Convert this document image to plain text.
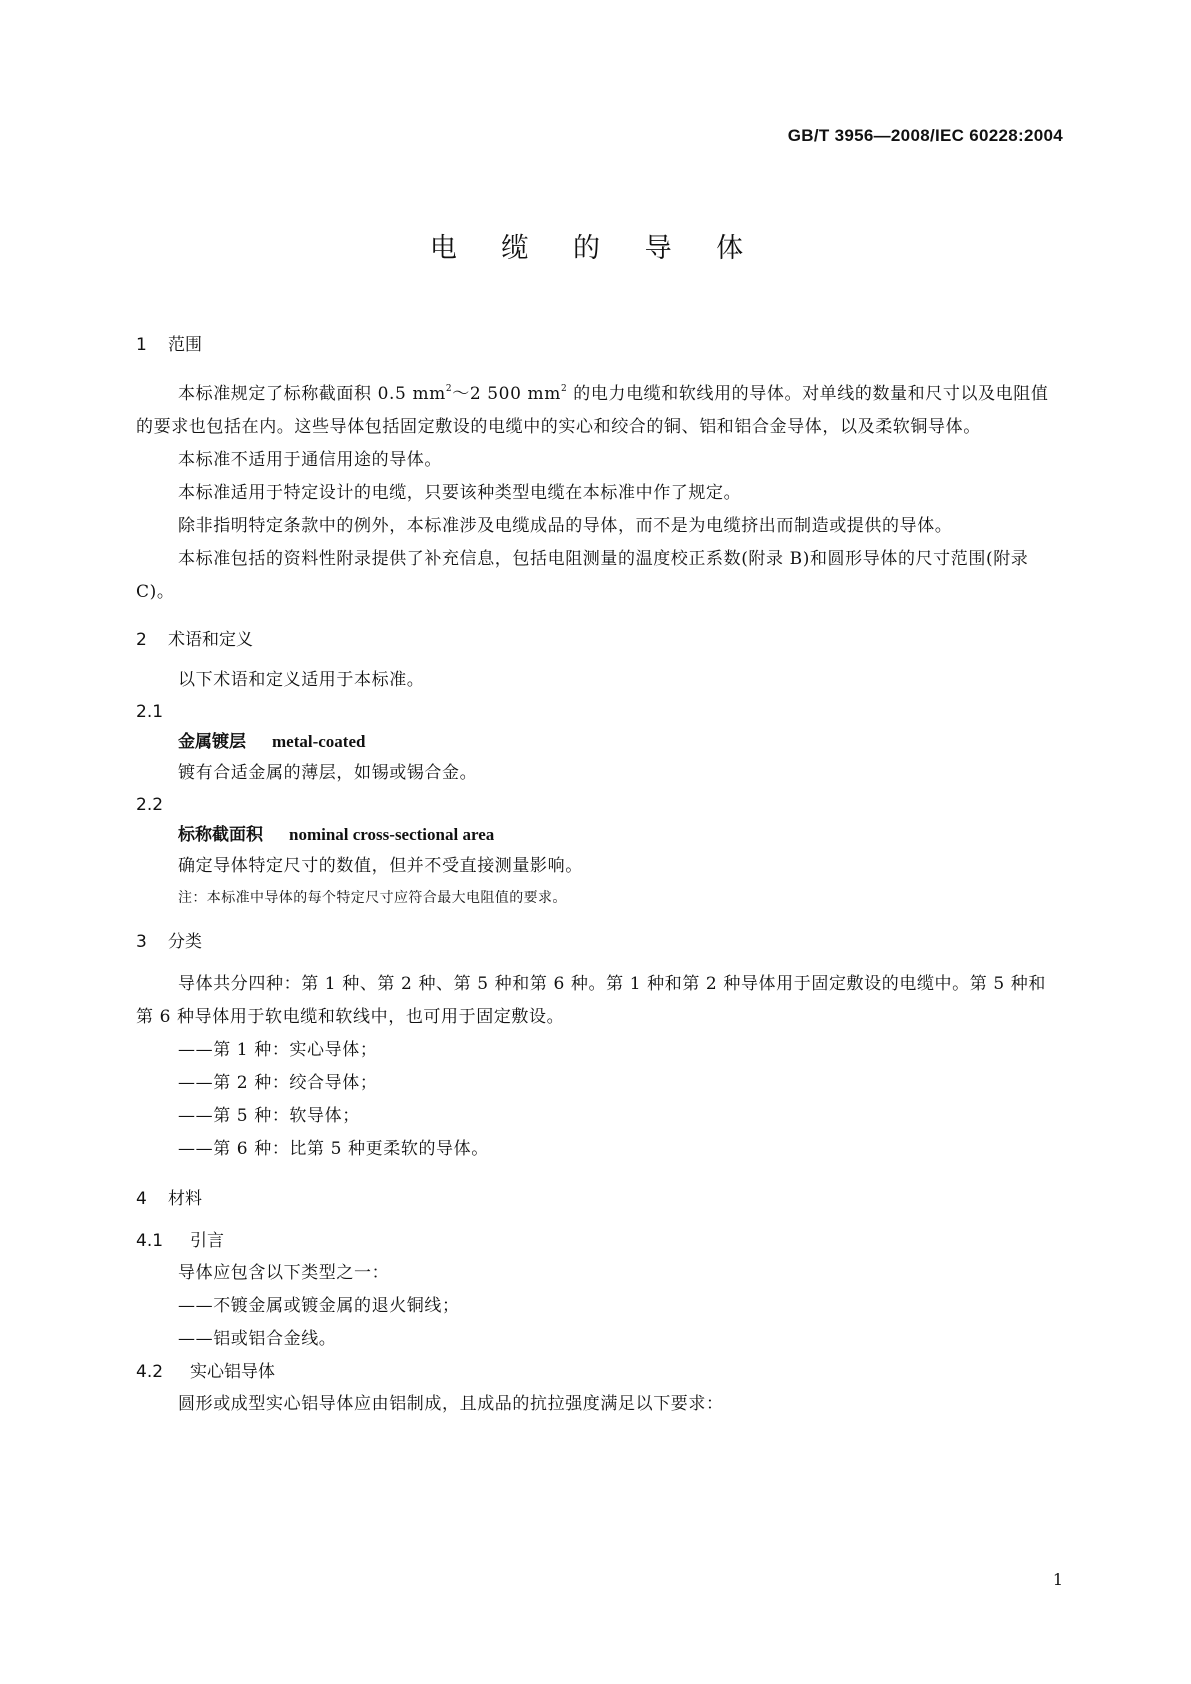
GB/T 3956—2008/IEC 60228:2004
电 缆 的 导 体
1 范围

本标准规定了标称截面积 0.5 $mm^2\sim 2$ 500 $mm^2$ 的电力电缆和软线用的导体。对单线的数量和尺寸以及电阻值的要求也包括在内。这些导体包括固定敷设的电缆中的实心和绞合的铜、铝和铝合金导体，以及柔软铜导体。

本标准不适用于通信用途的导体。

本标准适用于特定设计的电缆，只要该种类型电缆在本标准中作了规定。

除非指明特定条款中的例外，本标准涉及电缆成品的导体，而不是为电缆挤出而制造或提供的导体。

本标准包括的资料性附录提供了补充信息，包括电阻测量的温度校正系数(附录 B)和圆形导体的尺寸范围(附录 C)。

2 术语和定义

以下术语和定义适用于本标准。

2.1
金属镀层 metal-coated

镀有合适金属的薄层，如锡或锡合金。

2.2
标称截面积 nominal cross-sectional area

确定导体特定尺寸的数值，但并不受直接测量影响。

注：本标准中导体的每个特定尺寸应符合最大电阻值的要求。
3 分类

导体共分四种：第 1 种、第 2 种、第 5 种和第 6 种。第 1 种和第 2 种导体用于固定敷设的电缆中。第 5 种和第 6 种导体用于软电缆和软线中，也可用于固定敷设。

——第 1 种：实心导体；

——第 2 种：绞合导体；

——第 5 种：软导体；

——第 6 种：比第 5 种更柔软的导体。

4 材料
4.1 引言

导体应包含以下类型之一：

——不镀金属或镀金属的退火铜线；

——铝或铝合金线。

4.2 实心铝导体

圆形或成型实心铝导体应由铝制成，且成品的抗拉强度满足以下要求：

1
